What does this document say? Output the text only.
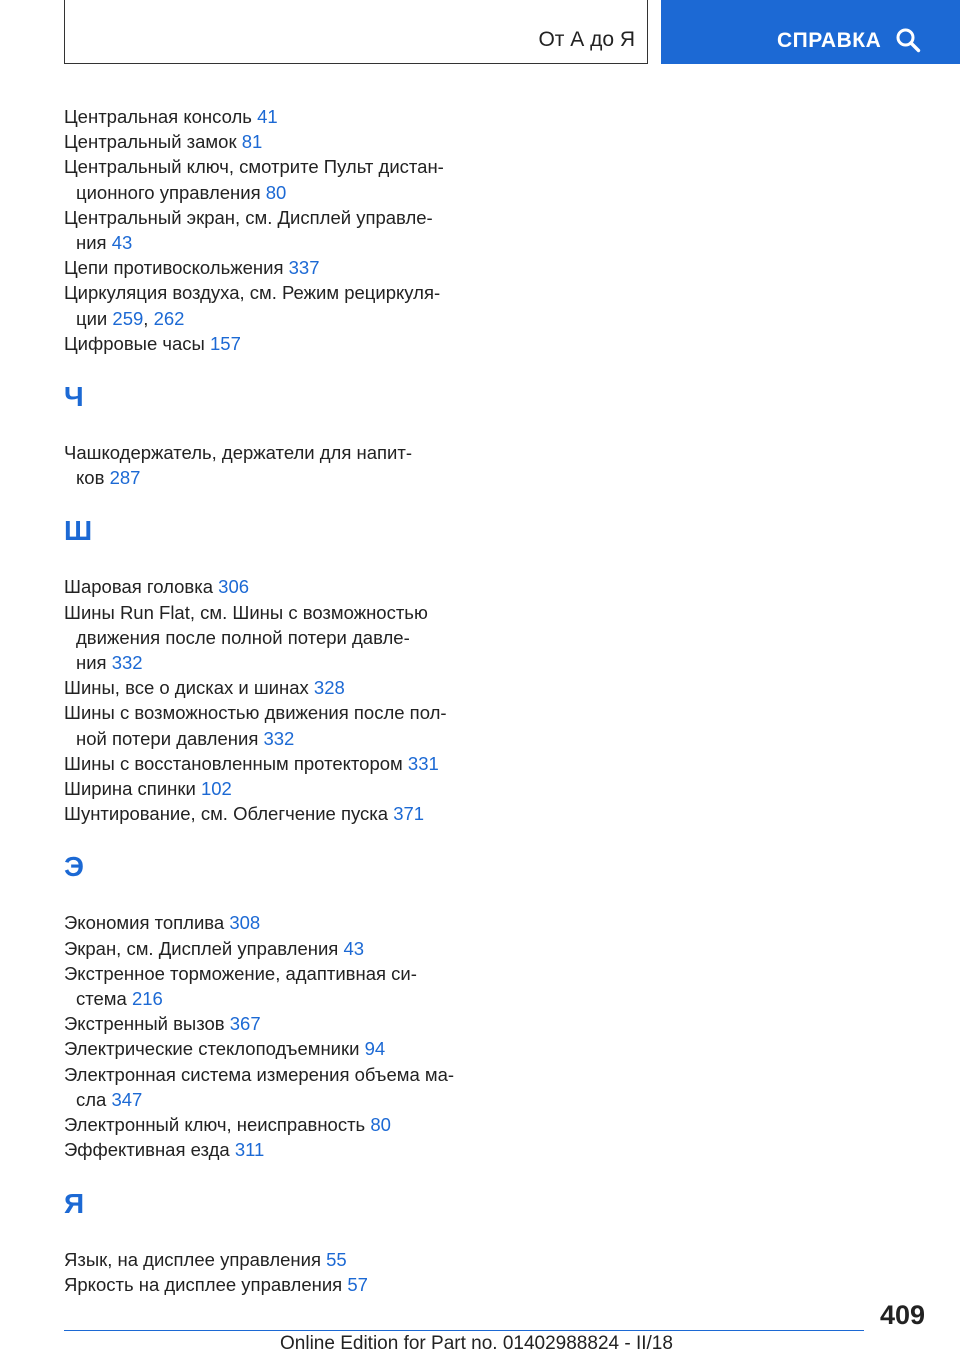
От А до Я	СПРАВКА
Центральная консоль 41
Центральный замок 81
Центральный ключ, смотрите Пульт дистан-

ционного управления 80
Центральный экран, см. Дисплей управле-

ния 43
Цепи противоскольжения 337
Циркуляция воздуха, см. Режим рециркуля-

ции 259, 262
Цифровые часы 157
Ч
Чашкодержатель, держатели для напит-

ков 287
Ш
Шаровая головка 306
Шины Run Flat, см. Шины с возможностью

движения после полной потери давле-
ния 332
Шины, все о дисках и шинах 328
Шины с возможностью движения после пол-

ной потери давления 332
Шины с восстановленным протектором 331
Ширина спинки 102
Шунтирование, см. Облегчение пуска 371
Э
Экономия топлива 308
Экран, см. Дисплей управления 43
Экстренное торможение, адаптивная си-

стема 216
Экстренный вызов 367
Электрические стеклоподъемники 94
Электронная система измерения объема ма-

сла 347
Электронный ключ, неисправность 80
Эффективная езда 311
Я
Язык, на дисплее управления 55
Яркость на дисплее управления 57
409
Online Edition for Part no. 01402988824 - II/18
